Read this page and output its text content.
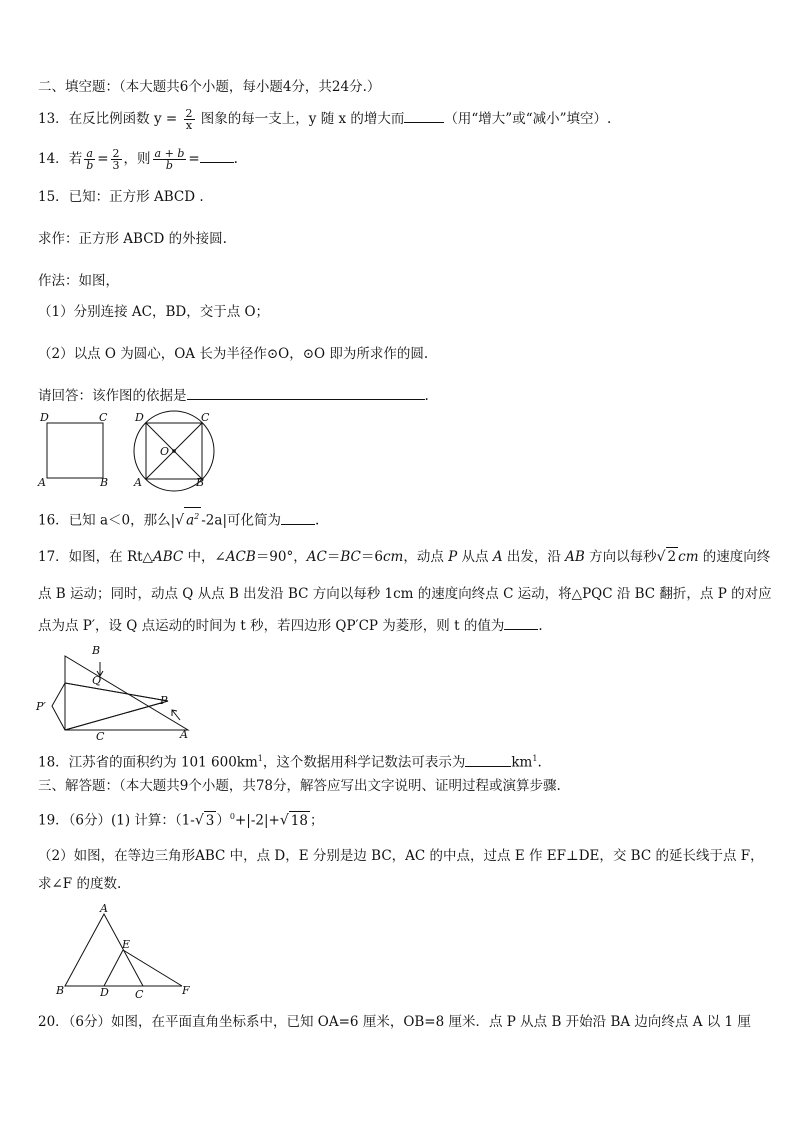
二、填空题：（本大题共6个小题，每小题4分，共24分.）
13．在反比例函数 $y = \frac{2}{x}$ 图象的每一支上，y 随 x 的增大而	（用“增大”或“减小”填空）.
14．若 $\frac{a}{b} = \frac{2}{3}$ ，则 $\frac{a + b}{b}$ =	.
15．已知：正方形 ABCD .
求作：正方形 ABCD 的外接圆.
作法：如图，
（1）分别连接 AC，BD，交于点 O；
（2）以点 O 为圆心，OA 长为半径作⊙O，⊙O 即为所求作的圆.
请回答：该作图的依据是	.
D	C
A	B
D	C
O
A	B
16．已知 a＜0，那么|√ $a^2$ -2a|可化简为	.
17．如图，在 Rt△ABC 中，∠ACB＝90°，AC＝BC＝6cm，动点 P 从点 A 出发，沿 AB 方向以每秒√ 2 cm 的速度向终
点 B 运动；同时，动点 Q 从点 B 出发沿 BC 方向以每秒 1cm 的速度向终点 C 运动，将△PQC 沿 BC 翻折，点 P 的对应
点为点 P′，设 Q 点运动的时间为 t 秒，若四边形 QP′CP 为菱形，则 t 的值为	.
B
Q
P
P′
C	A
18．江苏省的面积约为 101 $600km^1$，这个数据用科学记数法可表示为	$km^1$.
三、解答题：（本大题共9个小题，共78分，解答应写出文字说明、证明过程或演算步骤.
19．（6分）(1) 计算：（1-√ 3 ）$^0$+|-2|+√ 18 ；
（2）如图，在等边三角形ABC 中，点 D，E 分别是边 BC，AC 的中点，过点 E 作 EF⊥DE，交 BC 的延长线于点 F，
求∠F 的度数.
A
E
B	D C	F
20．（6分）如图，在平面直角坐标系中，已知 OA=6 厘米，OB=8 厘米．点 P 从点 B 开始沿 BA 边向终点 A 以 1 厘
